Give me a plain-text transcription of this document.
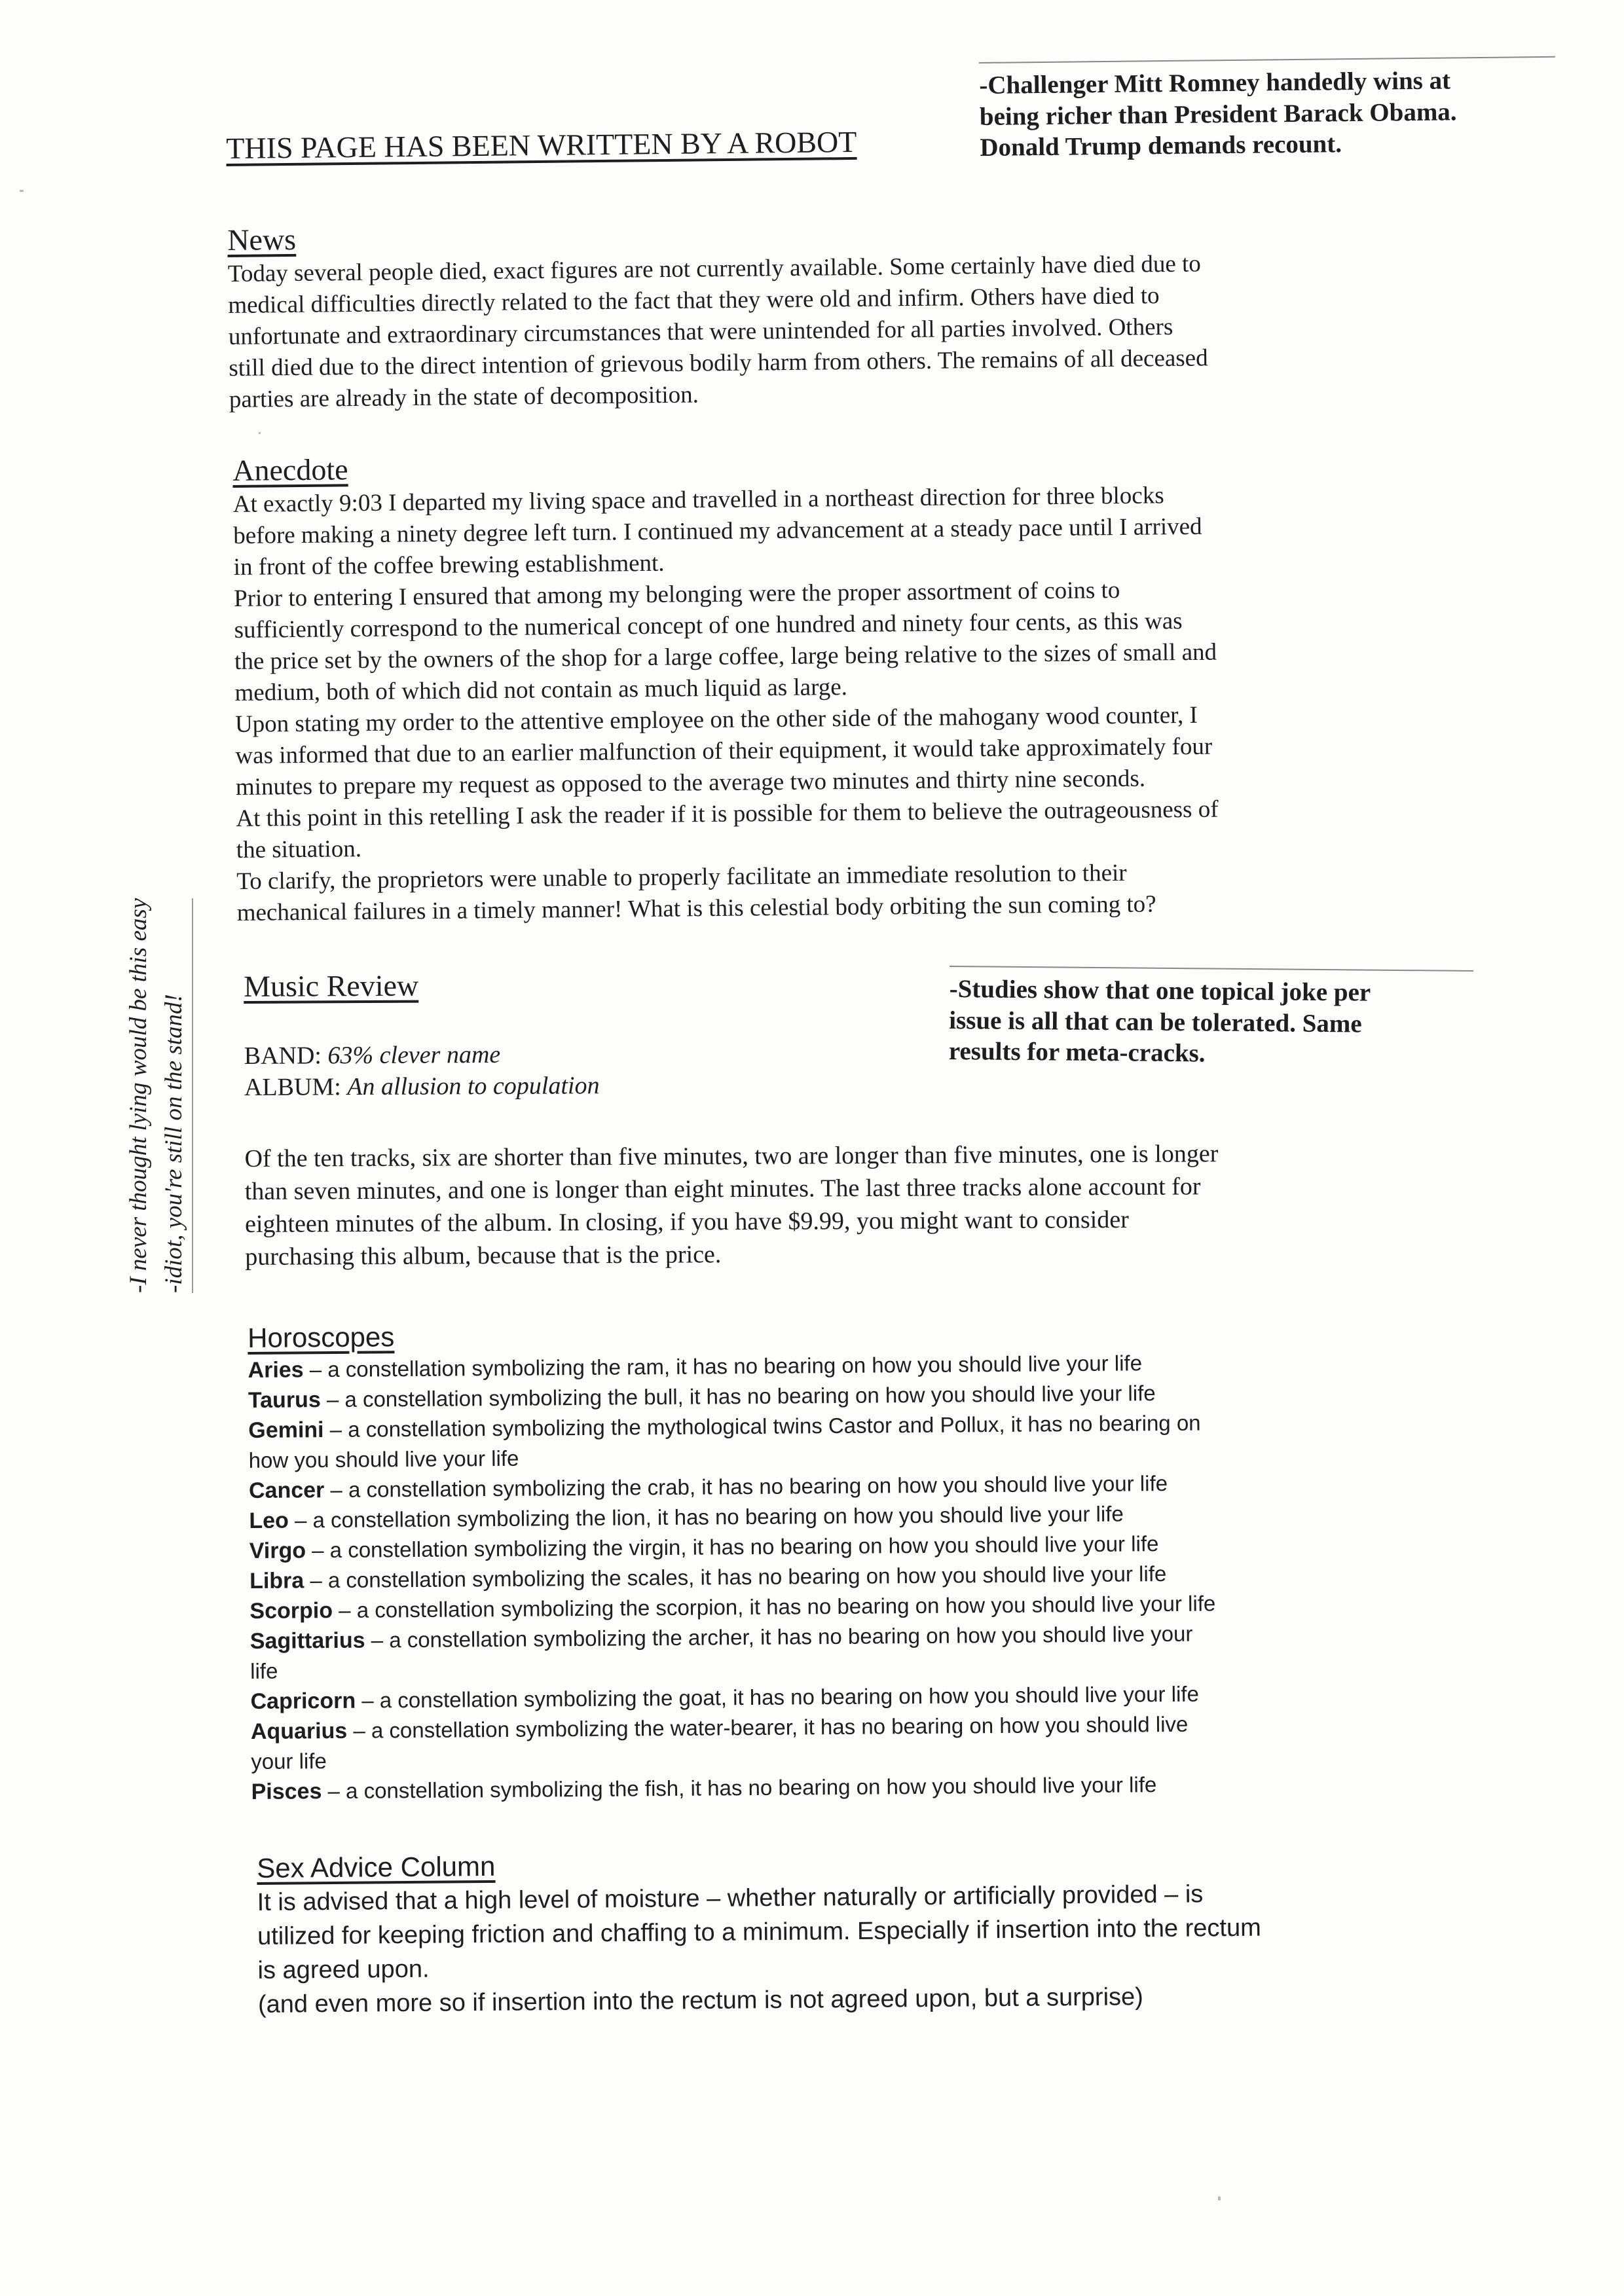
THIS PAGE HAS BEEN WRITTEN BY A ROBOT
-Challenger Mitt Romney handedly wins at
being richer than President Barack Obama.
Donald Trump demands recount.
News
Today several people died, exact figures are not currently available. Some certainly have died due to
medical difficulties directly related to the fact that they were old and infirm. Others have died to
unfortunate and extraordinary circumstances that were unintended for all parties involved. Others
still died due to the direct intention of grievous bodily harm from others. The remains of all deceased
parties are already in the state of decomposition.
Anecdote
At exactly 9:03 I departed my living space and travelled in a northeast direction for three blocks
before making a ninety degree left turn. I continued my advancement at a steady pace until I arrived
in front of the coffee brewing establishment.
Prior to entering I ensured that among my belonging were the proper assortment of coins to
sufficiently correspond to the numerical concept of one hundred and ninety four cents, as this was
the price set by the owners of the shop for a large coffee, large being relative to the sizes of small and
medium, both of which did not contain as much liquid as large.
Upon stating my order to the attentive employee on the other side of the mahogany wood counter, I
was informed that due to an earlier malfunction of their equipment, it would take approximately four
minutes to prepare my request as opposed to the average two minutes and thirty nine seconds.
At this point in this retelling I ask the reader if it is possible for them to believe the outrageousness of
the situation.
To clarify, the proprietors were unable to properly facilitate an immediate resolution to their
mechanical failures in a timely manner! What is this celestial body orbiting the sun coming to?
-Studies show that one topical joke per
issue is all that can be tolerated. Same
results for meta-cracks.
Music Review
BAND: 63% clever name
ALBUM: An allusion to copulation
Of the ten tracks, six are shorter than five minutes, two are longer than five minutes, one is longer
than seven minutes, and one is longer than eight minutes. The last three tracks alone account for
eighteen minutes of the album. In closing, if you have $9.99, you might want to consider
purchasing this album, because that is the price.
Horoscopes
Aries – a constellation symbolizing the ram, it has no bearing on how you should live your life
Taurus – a constellation symbolizing the bull, it has no bearing on how you should live your life
Gemini – a constellation symbolizing the mythological twins Castor and Pollux, it has no bearing on
how you should live your life
Cancer – a constellation symbolizing the crab, it has no bearing on how you should live your life
Leo – a constellation symbolizing the lion, it has no bearing on how you should live your life
Virgo – a constellation symbolizing the virgin, it has no bearing on how you should live your life
Libra – a constellation symbolizing the scales, it has no bearing on how you should live your life
Scorpio – a constellation symbolizing the scorpion, it has no bearing on how you should live your life
Sagittarius – a constellation symbolizing the archer, it has no bearing on how you should live your
life
Capricorn – a constellation symbolizing the goat, it has no bearing on how you should live your life
Aquarius – a constellation symbolizing the water-bearer, it has no bearing on how you should live
your life
Pisces – a constellation symbolizing the fish, it has no bearing on how you should live your life
Sex Advice Column
It is advised that a high level of moisture – whether naturally or artificially provided – is
utilized for keeping friction and chaffing to a minimum. Especially if insertion into the rectum
is agreed upon.
(and even more so if insertion into the rectum is not agreed upon, but a surprise)
-I never thought lying would be this easy -idiot, you're still on the stand!
